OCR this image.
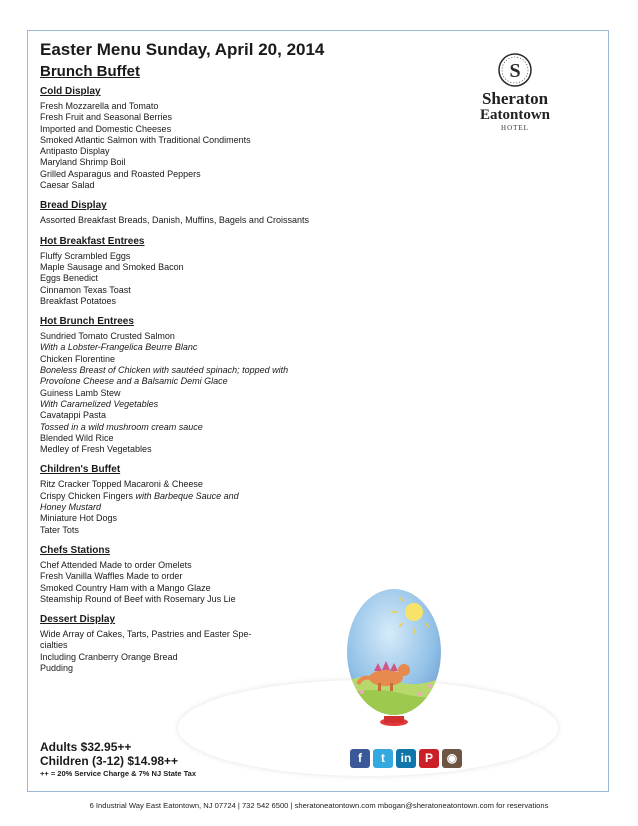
Easter Menu Sunday, April 20, 2014

Brunch Buffet

Cold Display

Fresh Mozzarella and Tomato

Fresh Fruit and Seasonal Berries

Imported and Domestic Cheeses

Smoked Atlantic Salmon with Traditional Condiments

Antipasto Display

Maryland Shrimp Boil

Grilled Asparagus and Roasted Peppers

Caesar Salad

Bread Display

Assorted Breakfast Breads, Danish, Muffins, Bagels and Croissants

Hot Breakfast Entrees

Fluffy Scrambled Eggs

Maple Sausage and Smoked Bacon

Eggs Benedict

Cinnamon Texas Toast

Breakfast Potatoes

Hot Brunch Entrees

Sundried Tomato Crusted Salmon

With a Lobster-Frangelica Beurre Blanc

Chicken Florentine

Boneless Breast of Chicken with sautéed spinach; topped with

Provolone Cheese and a Balsamic Demi Glace

Guiness Lamb Stew

With Caramelized Vegetables

Cavatappi Pasta

Tossed in a wild mushroom cream sauce

Blended Wild Rice

Medley of Fresh Vegetables

Children's Buffet

Ritz Cracker Topped Macaroni & Cheese

Crispy Chicken Fingers with Barbeque Sauce and

Honey Mustard

Miniature Hot Dogs

Tater Tots

Chefs Stations

Chef Attended Made to order Omelets

Fresh Vanilla Waffles Made to order

Smoked Country Ham with a Mango Glaze

Steamship Round of Beef with Rosemary Jus Lie

Dessert Display

Wide Array of Cakes, Tarts, Pastries and Easter Spe-

cialties

Including Cranberry Orange Bread

Pudding

S
Sheraton
Eatontown
HOTEL

Adults $32.95++

Children (3-12) $14.98++

++ = 20% Service Charge & 7% NJ State Tax

f	t	in	P	◉
6 Industrial Way East Eatontown, NJ 07724 | 732 542 6500 | sheratoneatontown.com mbogan@sheratoneatontown.com for reservations
